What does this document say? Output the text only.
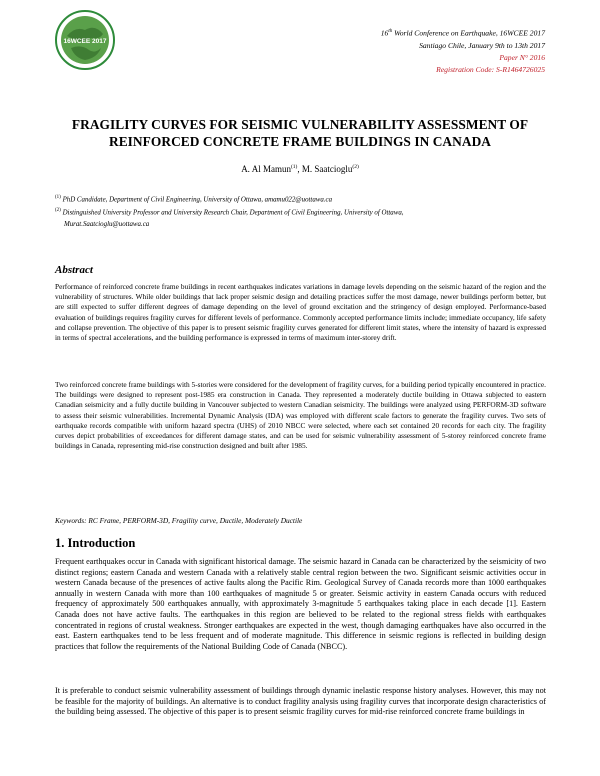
16WCEE 2017
16th World Conference on Earthquake, 16WCEE 2017
Santiago Chile, January 9th to 13th 2017
Paper N° 2016
Registration Code: S-R1464726025
FRAGILITY CURVES FOR SEISMIC VULNERABILITY ASSESSMENT OF
REINFORCED CONCRETE FRAME BUILDINGS IN CANADA
A. Al Mamun$^{(1)}$, M. Saatcioglu$^{(2)}$
$^{(1)}$ PhD Candidate, Department of Civil Engineering, University of Ottawa, amamu022@uottawa.ca
$^{(2)}$ Distinguished University Professor and University Research Chair, Department of Civil Engineering, University of Ottawa,
Murat.Saatcioglu@uottawa.ca
Abstract
Performance of reinforced concrete frame buildings in recent earthquakes indicates variations in damage levels depending on the seismic hazard of the region and the vulnerability of structures. While older buildings that lack proper seismic design and detailing practices suffer the most damage, newer buildings perform better, but are still expected to suffer different degrees of damage depending on the level of ground excitation and the stringency of design employed. Performance-based evaluation of buildings requires fragility curves for different levels of performance. Commonly accepted performance limits include; immediate occupancy, life safety and collapse prevention. The objective of this paper is to present seismic fragility curves generated for different limit states, where the intensity of hazard is expressed in terms of spectral accelerations, and the building performance is expressed in terms of maximum inter-storey drift.
Two reinforced concrete frame buildings with 5-stories were considered for the development of fragility curves, for a building period typically encountered in practice. The buildings were designed to represent post-1985 era construction in Canada. They represented a moderately ductile building in Ottawa subjected to eastern Canadian seismicity and a fully ductile building in Vancouver subjected to western Canadian seismicity. The buildings were analyzed using PERFORM-3D software to assess their seismic vulnerabilities. Incremental Dynamic Analysis (IDA) was employed with different scale factors to generate the fragility curves. Two sets of earthquake records compatible with uniform hazard spectra (UHS) of 2010 NBCC were selected, where each set contained 20 records for each city. The fragility curves depict probabilities of exceedances for different damage states, and can be used for seismic vulnerability assessment of 5-storey reinforced concrete frame buildings in Canada, representing mid-rise construction designed and built after 1985.
Keywords: RC Frame, PERFORM-3D, Fragility curve, Ductile, Moderately Ductile
1. Introduction
Frequent earthquakes occur in Canada with significant historical damage. The seismic hazard in Canada can be characterized by the seismicity of two distinct regions; eastern Canada and western Canada with a relatively stable central region between the two. Significant seismic activities occur in western Canada because of the presences of active faults along the Pacific Rim. Geological Survey of Canada records more than 1000 earthquakes annually in western Canada with more than 100 earthquakes of magnitude 5 or greater. Seismic activity in eastern Canada occurs with reduced frequency of approximately 500 earthquakes annually, with approximately 3-magnitude 5 earthquakes taking place in each decade [1]. Eastern Canada does not have active faults. The earthquakes in this region are believed to be related to the regional stress fields with earthquakes concentrated in regions of crustal weakness. Stronger earthquakes are expected in the west, though damaging earthquakes have also occurred in the east. Eastern earthquakes tend to be less frequent and of moderate magnitude. This difference in seismic regions is reflected in building design practices that follow the requirements of the National Building Code of Canada (NBCC).
It is preferable to conduct seismic vulnerability assessment of buildings through dynamic inelastic response history analyses. However, this may not be feasible for the majority of buildings. An alternative is to conduct fragility analysis using fragility curves that incorporate design characteristics of the building being assessed. The objective of this paper is to present seismic fragility curves for mid-rise reinforced concrete frame buildings in
